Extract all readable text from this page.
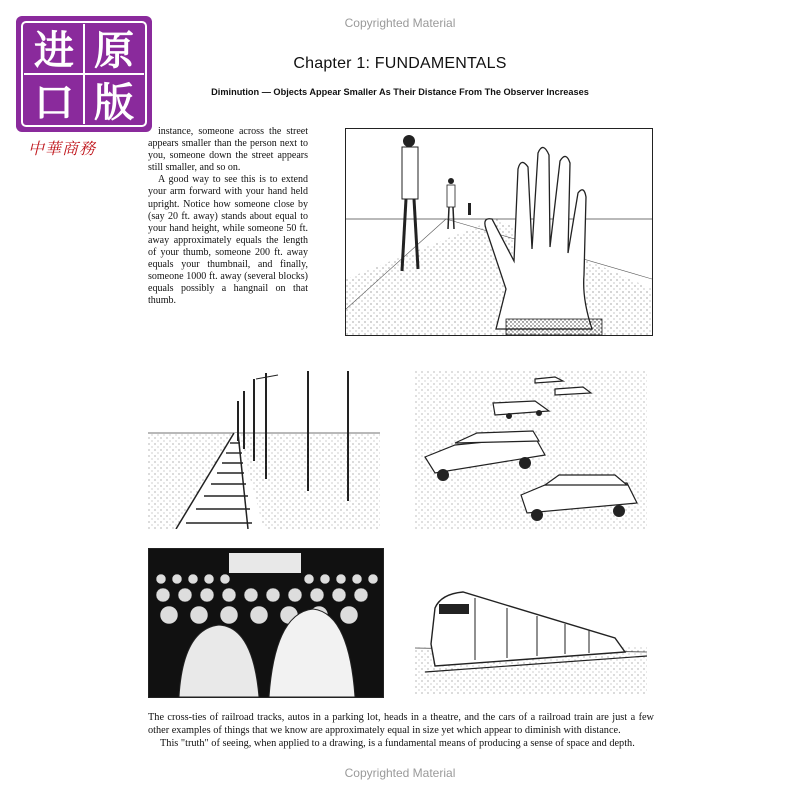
Copyrighted Material
进 原
口 版
中華商務
Chapter 1: FUNDAMENTALS
Diminution — Objects Appear Smaller As Their Distance From The Observer Increases

instance, someone across the street appears smaller than the person next to you, someone down the street appears still smaller, and so on.

A good way to see this is to extend your arm forward with your hand held upright. Notice how someone close by (say 20 ft. away) stands about equal to your hand height, while someone 50 ft. away approximately equals the length of your thumb, someone 200 ft. away equals your thumbnail, and finally, someone 1000 ft. away (several blocks) equals possibly a hangnail on that thumb.

The cross-ties of railroad tracks, autos in a parking lot, heads in a theatre, and the cars of a railroad train are just a few other examples of things that we know are approximately equal in size yet which appear to diminish with distance.

This "truth" of seeing, when applied to a drawing, is a fundamental means of producing a sense of space and depth.

Copyrighted Material
